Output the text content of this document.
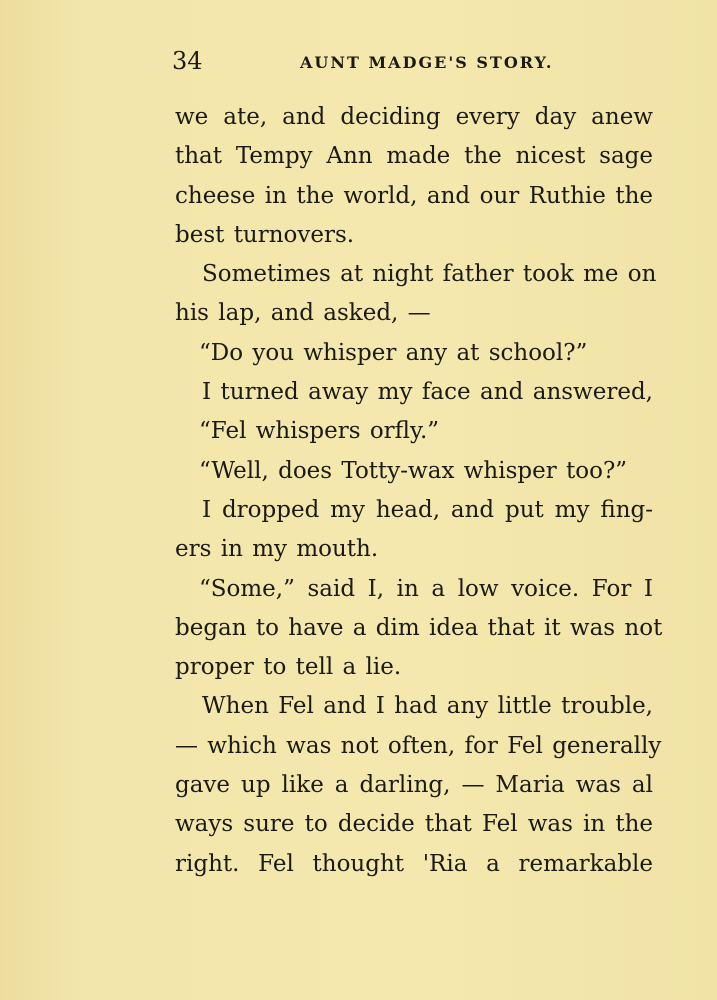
34	AUNT MADGE'S STORY.
we ate, and deciding every day anew
that Tempy Ann made the nicest sage
cheese in the world, and our Ruthie the
best turnovers.
Sometimes at night father took me on
his lap, and asked, —
“Do you whisper any at school?”
I turned away my face and answered,
“Fel whispers orfly.”
“Well, does Totty-wax whisper too?”
I dropped my head, and put my fing-
ers in my mouth.
“Some,” said I, in a low voice. For I
began to have a dim idea that it was not
proper to tell a lie.
When Fel and I had any little trouble,
— which was not often, for Fel generally
gave up like a darling, — Maria was al
ways sure to decide that Fel was in the
right. Fel thought 'Ria a remarkable
